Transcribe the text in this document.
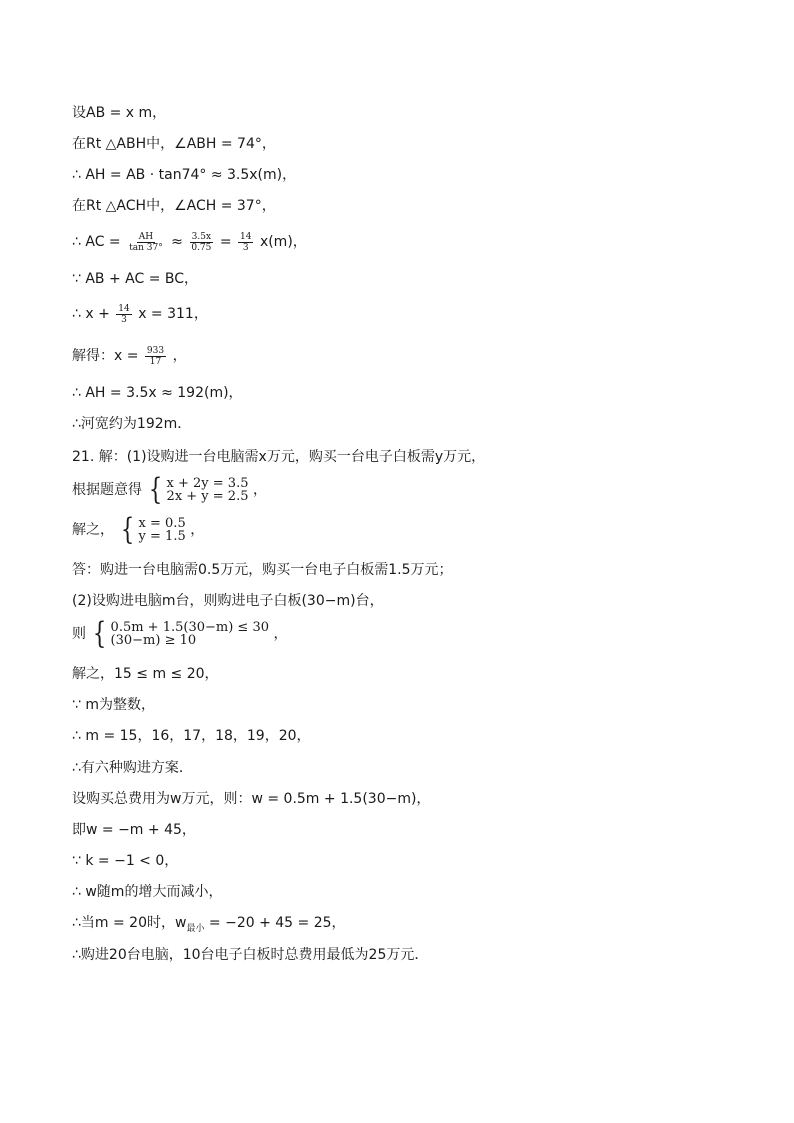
设AB = x m，
在Rt △ABH中，∠ABH = 74°，
∴ AH = AB · tan74° ≈ 3.5x(m)，
在Rt △ACH中，∠ACH = 37°，
∴ AC = $\frac{AH}{\tan 37^\circ} \approx \frac{3.5x}{0.75} = \frac{14}{3} x(m)$，
∵ AB + AC = BC，
∴ $x + \frac{14}{3}$ x = 311，
解得：$x = \frac{933}{17}$ ，
∴ AH = 3.5x ≈ 192(m)，
∴河宽约为192m．
21. 解：(1)设购进一台电脑需x万元，购买一台电子白板需y万元，
根据题意得 { x + 2y = 3.5
2x + y = 2.5 ，
解之， { x = 0.5
y = 1.5 ，
答：购进一台电脑需0.5万元，购买一台电子白板需1.5万元；
(2)设购进电脑m台，则购进电子白板(30−m)台，
则 { 0.5m + 1.5(30−m) ≤ 30
(30−m) ≥ 10	，
解之，15 ≤ m ≤ 20，
∵ m为整数，
∴ m = 15，16，17，18，19，20，
∴有六种购进方案．
设购买总费用为w万元，则：w = 0.5m + 1.5(30−m)，
即w = −m + 45，
∵ k = −1 < 0，
∴ w随m的增大而减小，
∴当m = 20时，$w_{最小} = -20 + 45 = 25$，
∴购进20台电脑，10台电子白板时总费用最低为25万元．
